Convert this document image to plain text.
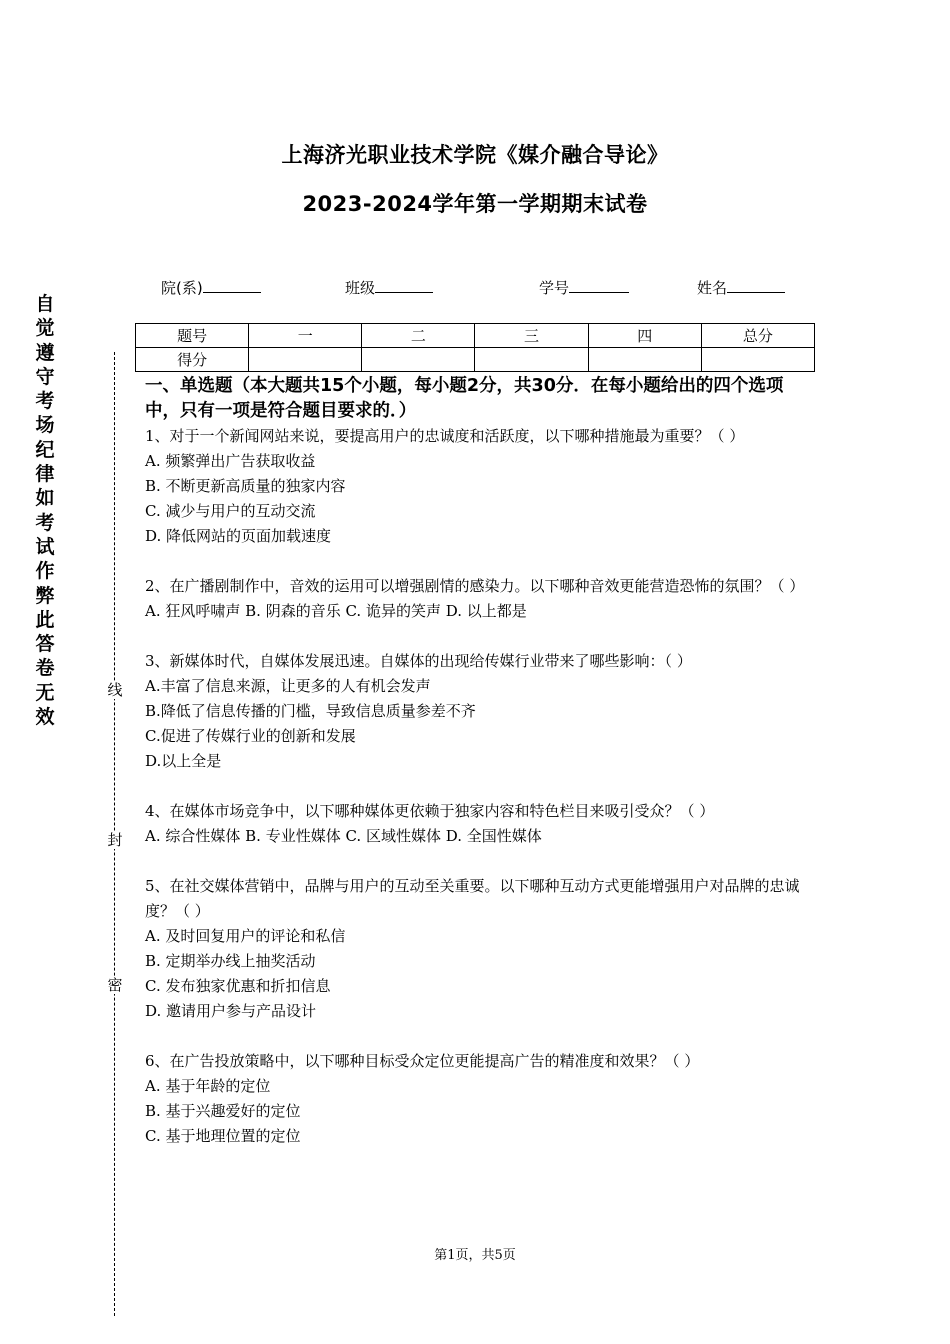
上海济光职业技术学院《媒介融合导论》
2023-2024学年第一学期期末试卷
院(系)	班级	学号	姓名
题号	一	二	三	四	总分
得分					
自
觉
遵
守
考
场
纪
律
如
考
试
作
弊
此
答
卷
无
效
线
封
密
一、单选题（本大题共15个小题，每小题2分，共30分．在每小题给出的四个选项中，只有一项是符合题目要求的．）

1、对于一个新闻网站来说，要提高用户的忠诚度和活跃度，以下哪种措施最为重要？（ ）

A. 频繁弹出广告获取收益

B. 不断更新高质量的独家内容

C. 减少与用户的互动交流

D. 降低网站的页面加载速度

2、在广播剧制作中，音效的运用可以增强剧情的感染力。以下哪种音效更能营造恐怖的氛围？（ ）

A. 狂风呼啸声 B. 阴森的音乐 C. 诡异的笑声 D. 以上都是

3、新媒体时代，自媒体发展迅速。自媒体的出现给传媒行业带来了哪些影响：（ ）

A.丰富了信息来源，让更多的人有机会发声

B.降低了信息传播的门槛，导致信息质量参差不齐

C.促进了传媒行业的创新和发展

D.以上全是

4、在媒体市场竞争中，以下哪种媒体更依赖于独家内容和特色栏目来吸引受众？（ ）

A. 综合性媒体 B. 专业性媒体 C. 区域性媒体 D. 全国性媒体

5、在社交媒体营销中，品牌与用户的互动至关重要。以下哪种互动方式更能增强用户对品牌的忠诚度？（ ）

A. 及时回复用户的评论和私信

B. 定期举办线上抽奖活动

C. 发布独家优惠和折扣信息

D. 邀请用户参与产品设计

6、在广告投放策略中，以下哪种目标受众定位更能提高广告的精准度和效果？（ ）

A. 基于年龄的定位

B. 基于兴趣爱好的定位

C. 基于地理位置的定位

第1页，共5页
